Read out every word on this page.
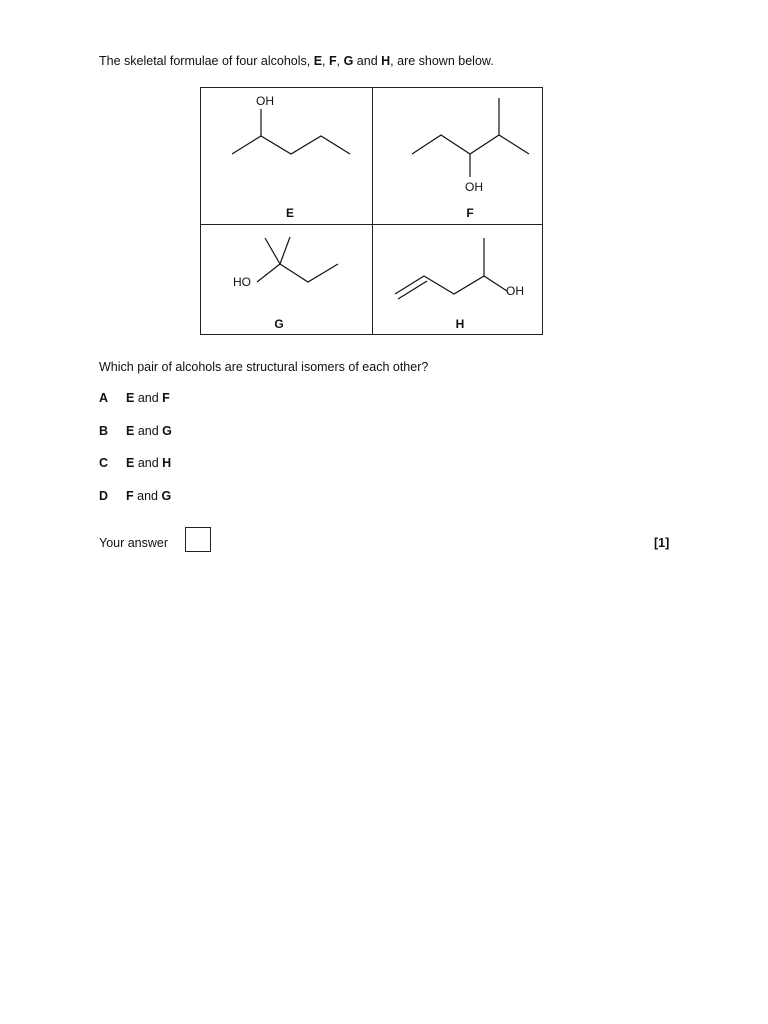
The skeletal formulae of four alcohols, E, F, G and H, are shown below.
OH
E
OH
F
HO
G
OH
H
Which pair of alcohols are structural isomers of each other?
A E and F
B E and G
C E and H
D F and G
Your answer	[1]
